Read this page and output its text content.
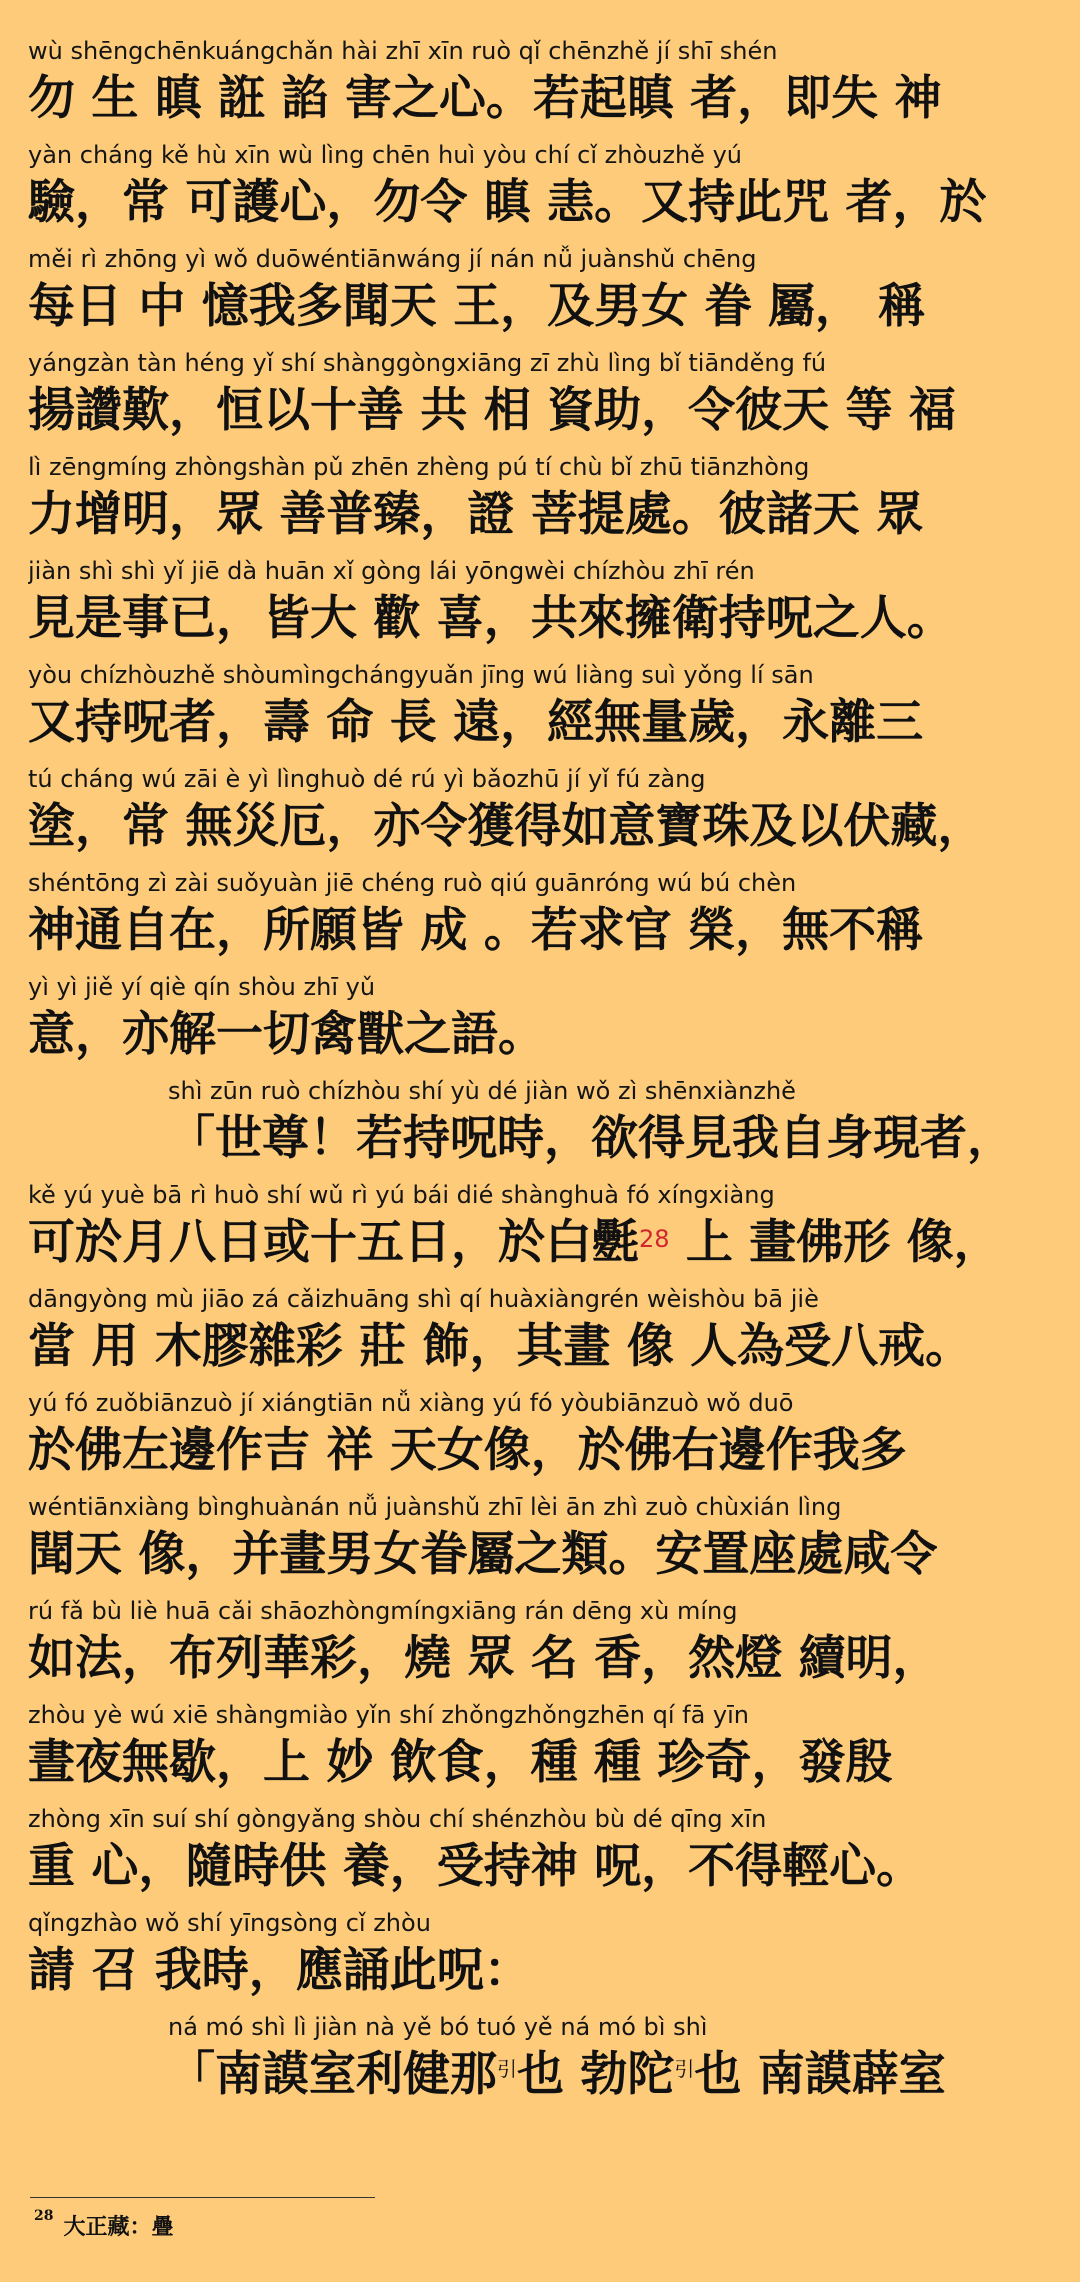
wù shēngchēnkuángchǎn hài zhī xīn ruò qǐ chēnzhě jí shī shén
勿 生 瞋 誑 諂 害之心。若起瞋 者，即失 神
yàn cháng kě hù xīn wù lìng chēn huì yòu chí cǐ zhòuzhě yú
驗，常 可護心，勿令 瞋 恚。又持此咒 者，於
měi rì zhōng yì wǒ duōwéntiānwáng jí nán nǚ juànshǔ chēng
每日 中 憶我多聞天 王，及男女 眷 屬， 稱
yángzàn tàn héng yǐ shí shànggòngxiāng zī zhù lìng bǐ tiānděng fú
揚讚歎，恒以十善 共 相 資助，令彼天 等 福
lì zēngmíng zhòngshàn pǔ zhēn zhèng pú tí chù bǐ zhū tiānzhòng
力增明，眾 善普臻，證 菩提處。彼諸天 眾
jiàn shì shì yǐ jiē dà huān xǐ gòng lái yōngwèi chízhòu zhī rén
見是事已，皆大 歡 喜，共來擁衛持呪之人。
yòu chízhòuzhě shòumìngchángyuǎn jīng wú liàng suì yǒng lí sān
又持呪者，壽 命 長 遠，經無量歲，永離三
tú cháng wú zāi è yì lìnghuò dé rú yì bǎozhū jí yǐ fú zàng
塗，常 無災厄，亦令獲得如意寶珠及以伏藏，
shéntōng zì zài suǒyuàn jiē chéng ruò qiú guānróng wú bú chèn
神通自在，所願皆 成 。若求官 榮，無不稱
yì yì jiě yí qiè qín shòu zhī yǔ
意，亦解一切禽獸之語。
shì zūn ruò chízhòu shí yù dé jiàn wǒ zì shēnxiànzhě
「世尊！若持呪時，欲得見我自身現者，
kě yú yuè bā rì huò shí wǔ rì yú bái dié shànghuà fó xíngxiàng
可於月八日或十五日，於白氎$^{28}$ 上 畫佛形 像，
dāngyòng mù jiāo zá cǎizhuāng shì qí huàxiàngrén wèishòu bā jiè
當 用 木膠雜彩 莊 飾，其畫 像 人為受八戒。
yú fó zuǒbiānzuò jí xiángtiān nǚ xiàng yú fó yòubiānzuò wǒ duō
於佛左邊作吉 祥 天女像，於佛右邊作我多
wéntiānxiàng bìnghuànán nǚ juànshǔ zhī lèi ān zhì zuò chùxián lìng
聞天 像，并畫男女眷屬之類。安置座處咸令
rú fǎ bù liè huā cǎi shāozhòngmíngxiāng rán dēng xù míng
如法，布列華彩，燒 眾 名 香，然燈 續明，
zhòu yè wú xiē shàngmiào yǐn shí zhǒngzhǒngzhēn qí fā yīn
晝夜無歇，上 妙 飲食，種 種 珍奇，發殷
zhòng xīn suí shí gòngyǎng shòu chí shénzhòu bù dé qīng xīn
重 心，隨時供 養，受持神 呪，不得輕心。
qǐngzhào wǒ shí yīngsòng cǐ zhòu
請 召 我時，應誦此呪：
ná mó shì lì jiàn nà yě bó tuó yě ná mó bì shì
「南謨室利健那$^引$也 勃陀$^引$也 南謨薜室
$^{28}$ 大正藏：疊
